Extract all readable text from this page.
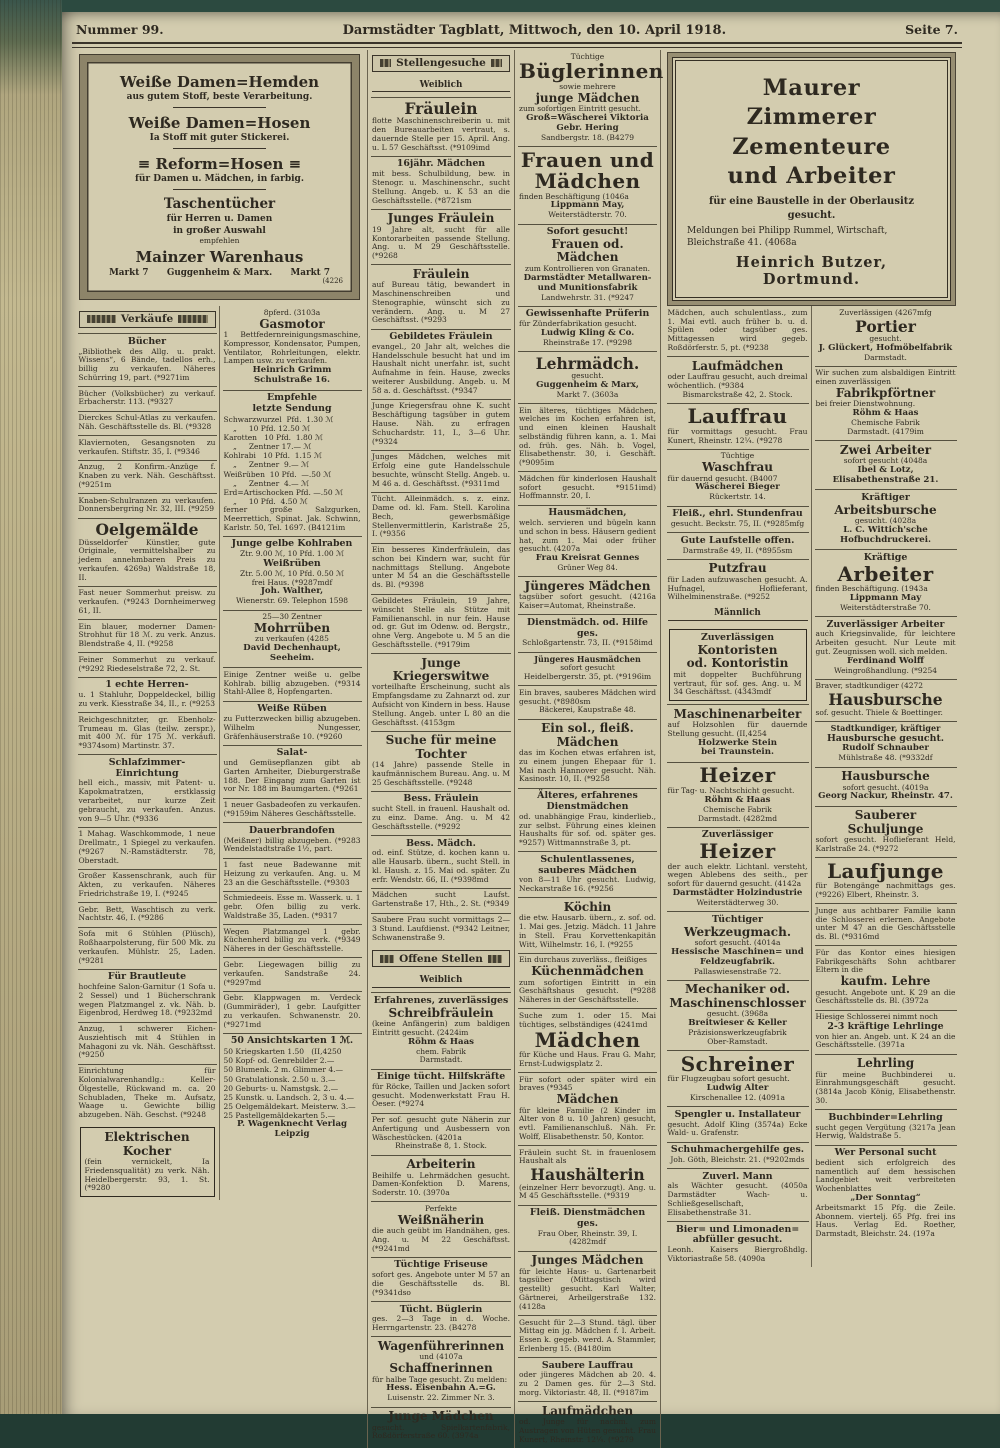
Nummer 99.	Darmstädter Tagblatt, Mittwoch, den 10. April 1918.	Seite 7.
Weiße Damen=Hemden
aus gutem Stoff, beste Verarbeitung.
Weiße Damen=Hosen
Ia Stoff mit guter Stickerei.
≡ Reform=Hosen ≡
für Damen u. Mädchen, in farbig.
Taschentücher
für Herren u. Damen
in großer Auswahl
empfehlen
Mainzer Warenhaus
Markt 7      Guggenheim & Marx.      Markt 7
(4226
Verkäufe
Bücher
„Bibliothek des Allg. u. prakt. Wissens“, 6 Bände, tadellos erh., billig zu verkaufen. Näheres Schürring 19, part. (*9271im
Bücher (Volksbücher) zu verkauf. Erbacherstr. 113. (*9327
Dierckes Schul-Atlas zu verkaufen. Näh. Geschäftsstelle ds. Bl. (*9328
Klaviernoten, Gesangsnoten zu verkaufen. Stiftstr. 35, I. (*9346
Anzug, 2 Konfirm.-Anzüge f. Knaben zu verk. Näh. Geschäftsst. (*9251m
Knaben-Schulranzen zu verkaufen. Donnersbergring Nr. 32, III. (*9259
Oelgemälde
Düsseldorfer Künstler, gute Originale, vermittelshalber zu jedem annehmbaren Preis zu verkaufen. 4269a) Waldstraße 18, II.
Fast neuer Sommerhut preisw. zu verkaufen. (*9243 Dornheimerweg 61, II.
Ein blauer, moderner Damen-Strohhut für 18 ℳ. zu verk. Anzus. Blendstraße 4, II. (*9258
Feiner Sommerhut zu verkauf. (*9292 Riedeselstraße 72, 2. St.
1 echte Herren-
u. 1 Stahluhr, Doppeldeckel, billig zu verk. Kiesstraße 34, II., r. (*9253
Reichgeschnitzter, gr. Ebenholz-Trumeau m. Glas (teilw. zerspr.), mit 400 ℳ. für 175 ℳ. verkäufl. *9374som) Martinstr. 37.
Schlafzimmer-
Einrichtung
hell eich., massiv, mit Patent- u. Kapokmatratzen, erstklassig verarbeitet, nur kurze Zeit gebraucht, zu verkaufen. Anzus. von 9—5 Uhr. (*9336
1 Mahag. Waschkommode, 1 neue Drellmatr., 1 Spiegel zu verkaufen. (*9267 N.-Ramstädterstr. 78, Oberstadt.
Großer Kassenschrank, auch für Akten, zu verkaufen. Näheres Friedrichstraße 19, I. (*9245
Gebr. Bett, Waschtisch zu verk. Nachtstr. 46, I. (*9286
Sofa mit 6 Stühlen (Plüsch), Roßhaarpolsterung, für 500 Mk. zu verkaufen. Mühlstr. 25, Laden. (*9281
Für Brautleute
hochfeine Salon-Garnitur (1 Sofa u. 2 Sessel) und 1 Bücherschrank wegen Platzmangel z. vk. Näh. b. Eigenbrod, Herdweg 18. (*9232md
Anzug, 1 schwerer Eichen-Ausziehtisch mit 4 Stühlen in Mahagoni zu vk. Näh. Geschäftsst. (*9250
Einrichtung für Kolonialwarenhandlg.: Keller-Ölgestelle, Rückwand m. ca. 20 Schubladen, Theke m. Aufsatz, Waage u. Gewichte billig abzugeben. Näh. Geschst. (*9248
Elektrischen
Kocher
(fein vernickelt, Ia Friedensqualität) zu verk. Näh. Heidelbergerstr. 93, 1. St. (*9280
8pferd. (3103a
Gasmotor
1 Bettfedernreinigungsmaschine, Kompressor, Kondensator, Pumpen, Ventilator, Rohrleitungen, elektr. Lampen usw. zu verkaufen.
Heinrich Grimm
Schulstraße 16.
Empfehle
letzte Sendung
Schwarzwurzel  Pfd.  1.30 ℳ
„     10 Pfd. 12.50 ℳ
Karotten   10 Pfd.  1.80 ℳ
„     Zentner 17.— ℳ
Kohlrabi   10 Pfd.  1.15 ℳ
„     Zentner  9.— ℳ
Weißrüben  10 Pfd.  —.50 ℳ
„     Zentner  4.— ℳ
Erd=Artischocken Pfd. —.50 ℳ
„     10 Pfd.  4.50 ℳ
ferner große Salzgurken, Meerrettich, Spinat. Jak. Schwinn, Karlstr. 50, Tel. 1697. (B4121im
Junge gelbe Kohlraben
Ztr. 9.00 ℳ, 10 Pfd. 1.00 ℳ
Weißrüben
Ztr. 5.00 ℳ, 10 Pfd. 0.50 ℳ
frei Haus. (*9287mdf
Joh. Walther,
Wienerstr. 69. Telephon 1598
25—30 Zentner
Mohrrüben
zu verkaufen (4285
David Dechenhaupt, Seeheim.
Einige Zentner weiße u. gelbe Kohlrab. billig abzugeben. (*9314 Stahl-Allee 8, Hopfengarten.
Weiße Rüben
zu Futterzwecken billig abzugeben. Wilhelm Nungesser, Gräfenhäuserstraße 10. (*9260
Salat-
und Gemüsepflanzen gibt ab Garten Arnheiter, Dieburgerstraße 188. Der Eingang zum Garten ist vor Nr. 188 im Baumgarten. (*9261
1 neuer Gasbadeofen zu verkaufen. (*9159im Näheres Geschäftsstelle.
Dauerbrandofen
(Meißner) billig abzugeben. (*9283 Wendelstadtstraße 1½, part.
1 fast neue Badewanne mit Heizung zu verkaufen. Ang. u. M 23 an die Geschäftsstelle. (*9303
Schmiedeeis. Esse m. Wasserk. u. 1 gebr. Ofen billig zu verk. Waldstraße 35, Laden. (*9317
Wegen Platzmangel 1 gebr. Küchenherd billig zu verk. (*9349 Näheres in der Geschäftsstelle.
Gebr. Liegewagen billig zu verkaufen. Sandstraße 24. (*9297md
Gebr. Klappwagen m. Verdeck (Gummiräder), 1 gebr. Laufgitter zu verkaufen. Schwanenstr. 20. (*9271md
50 Ansichtskarten 1 ℳ.
50 Kriegskarten 1.50   (II,4250
50 Kopf- od. Genrebilder 2.—
50 Blumenk. 2 m. Glimmer 4.—
50 Gratulationsk. 2.50 u. 3.—
20 Geburts- u. Namstgsk. 2.—
25 Kunstk. u. Landsch. 2, 3 u. 4.—
25 Oelgemäldekart. Meisterw. 3.—
25 Pastellgemäldekarten 5.—
P. Wagenknecht Verlag Leipzig
Stellengesuche
Weiblich
Fräulein
flotte Maschinenschreiberin u. mit den Bureauarbeiten vertraut, s. dauernde Stelle per 15. April. Ang. u. L 57 Geschäftsst. (*9109imd
16jähr. Mädchen
mit bess. Schulbildung, bew. in Stenogr. u. Maschinenschr., sucht Stellung. Angeb. u. K 53 an die Geschäftsstelle. (*8721sm
Junges Fräulein
19 Jahre alt, sucht für alle Kontorarbeiten passende Stellung. Ang. u. M 29 Geschäftsstelle. (*9268
Fräulein
auf Bureau tätig, bewandert in Maschinenschreiben und Stenographie, wünscht sich zu verändern. Ang. u. M 27 Geschäftsst. (*9293
Gebildetes Fräulein
evangel., 20 Jahr alt, welches die Handelsschule besucht hat und im Haushalt nicht unerfahr. ist, sucht Aufnahme in fein. Hause, zwecks weiterer Ausbildung. Angeb. u. M 58 a. d. Geschäftsst. (*9347
Junge Kriegersfrau ohne K. sucht Beschäftigung tagsüber in gutem Hause. Näh. zu erfragen Schuchardstr. 11, I., 3—6 Uhr. (*9324
Junges Mädchen, welches mit Erfolg eine gute Handelsschule besuchte, wünscht Stellg. Angeb. u. M 46 a. d. Geschäftsst. (*9311md
Tücht. Alleinmädch. s. z. einz. Dame od. kl. Fam. Stell. Karolina Bech, gewerbsmäßige Stellenvermittlerin, Karlstraße 25, I. (*9356
Ein besseres Kinderfräulein, das schon bei Kindern war, sucht für nachmittags Stellung. Angebote unter M 54 an die Geschäftsstelle ds. Bl. (*9398
Gebildetes Fräulein, 19 Jahre, wünscht Stelle als Stütze mit Familienanschl. in nur fein. Hause od. gr. Gut im Odenw. od. Bergstr., ohne Verg. Angebote u. M 5 an die Geschäftsstelle. (*9179im
Junge Kriegerswitwe
vorteilhafte Erscheinung, sucht als Empfangsdame zu Zahnarzt od. zur Aufsicht von Kindern in bess. Hause Stellung. Angeb. unter L 80 an die Geschäftsst. (4153gm
Suche für meine Tochter
(14 Jahre) passende Stelle in kaufmännischem Bureau. Ang. u. M 25 Geschäftsstelle. (*9248
Bess. Fräulein
sucht Stell. in frauenl. Haushalt od. zu einz. Dame. Ang. u. M 42 Geschäftsstelle. (*9292
Bess. Mädch.
od. einf. Stütze, d. kochen kann u. alle Hausarb. übern., sucht Stell. in kl. Haush. z. 15. Mai od. später. Zu erfr. Wendstr. 66, II. (*9398md
Mädchen sucht Laufst. Gartenstraße 17, Hth., 2. St. (*9349
Saubere Frau sucht vormittags 2—3 Stund. Laufdienst. (*9342 Leitner, Schwanenstraße 9.
Offene Stellen
Weiblich
Erfahrenes, zuverlässiges
Schreibfräulein
(keine Anfängerin) zum baldigen Eintritt gesucht. (2424im
Röhm & Haas
chem. Fabrik
Darmstadt.
Einige tücht. Hilfskräfte
für Röcke, Taillen und Jacken sofort gesucht. Modenwerkstatt Frau H. Oeser. (*9274
Per sof. gesucht gute Näherin zur Anfertigung und Ausbessern von Wäschestücken. (4201a
Rheinstraße 8, 1. Stock.
Arbeiterin
Beihilfe u. Lehrmädchen gesucht. Damen-Konfektion D. Marens, Soderstr. 10. (3970a
Perfekte
Weißnäherin
die auch geübt im Handnähen, ges. Ang. u. M 22 Geschäftsst. (*9241md
Tüchtige Friseuse
sofort ges. Angebote unter M 57 an die Geschäftsstelle ds. Bl. (*9341dso
Tücht. Büglerin
ges. 2—3 Tage in d. Woche. Herrngartenstr. 23. (B4278
Wagenführerinnen
und (4107a
Schaffnerinnen
für halbe Tage gesucht. Zu melden:
Hess. Eisenbahn A.=G.
Luisenstr. 22. Zimmer Nr. 3.
Junge Mädchen
gesucht. Spielkartenfabrik, Roßdörferstraße 60. (3974a
Tüchtige
Büglerinnen
sowie mehrere
junge Mädchen
zum sofortigen Eintritt gesucht.
Groß=Wäscherei Viktoria
Gebr. Hering
Sandbergstr. 18. (B4279
Frauen und
Mädchen
finden Beschäftigung (1046a
Lippmann May,
Weiterstädterstr. 70.
Sofort gesucht!
Frauen od. Mädchen
zum Kontrollieren von Granaten.
Darmstädter Metallwaren- und Munitionsfabrik
Landwehrstr. 31. (*9247
Gewissenhafte Prüferin
für Zünderfabrikation gesucht.
Ludwig Kling & Co.
Rheinstraße 17. (*9298
Lehrmädch.
gesucht.
Guggenheim & Marx,
Markt 7. (3603a
Ein älteres, tüchtiges Mädchen, welches im Kochen erfahren ist, und einen kleinen Haushalt selbständig führen kann, a. 1. Mai od. früh. ges. Näh. b. Vogel, Elisabethenstr. 30, i. Geschäft. (*9095im
Mädchen für kinderlosen Haushalt sofort gesucht. *9151imd) Hoffmannstr. 20, I.
Hausmädchen,
welch. servieren und bügeln kann und schon in bess. Häusern gedient hat, zum 1. Mai oder früher gesucht. (4207a
Frau Kreisrat Gennes
Grüner Weg 84.
Jüngeres Mädchen
tagsüber sofort gesucht. (4216a Kaiser=Automat, Rheinstraße.
Dienstmädch. od. Hilfe ges.
Schloßgartenstr. 73, II. (*9158imd
Jüngeres Hausmädchen
sofort gesucht
Heidelbergerstr. 35, pt. (*9196im
Ein braves, sauberes Mädchen wird gesucht. (*8980sm
Bäckerei, Kaupstraße 48.
Ein sol., fleiß. Mädchen
das im Kochen etwas erfahren ist, zu einem jungen Ehepaar für 1. Mai nach Hannover gesucht. Näh. Kasinostr. 10, II. (*9258
Älteres, erfahrenes Dienstmädchen
od. unabhängige Frau, kinderlieb., zur selbst. Führung eines kleinen Haushalts für sof. od. später ges. *9257) Wittmannstraße 3, pt.
Schulentlassenes, sauberes Mädchen
von 8—11 Uhr gesucht. Ludwig, Neckarstraße 16. (*9256
Köchin
die etw. Hausarb. übern., z. sof. od. 1. Mai ges. Jetzig. Mädch. 11 Jahre in Stell. Frau Korvettenkapitän Witt, Wilhelmstr. 16, I. (*9255
Ein durchaus zuverläss., fleißiges
Küchenmädchen
zum sofortigen Eintritt in ein Geschäftshaus gesucht. (*9288 Näheres in der Geschäftsstelle.
Suche zum 1. oder 15. Mai tüchtiges, selbständiges (4241md
Mädchen
für Küche und Haus. Frau G. Mahr, Ernst-Ludwigsplatz 2.
Für sofort oder später wird ein braves (*9345
Mädchen
für kleine Familie (2 Kinder im Alter von 8 u. 10 Jahren) gesucht, evtl. Familienanschluß. Näh. Fr. Wolff, Elisabethenstr. 50, Kontor.
Fräulein sucht St. in frauenlosem Haushalt als
Haushälterin
(einzelner Herr bevorzugt). Ang. u. M 45 Geschäftsstelle. (*9319
Fleiß. Dienstmädchen ges.
Frau Ober, Rheinstr. 39, I. (4282mdf
Junges Mädchen
für leichte Haus- u. Gartenarbeit tagsüber (Mittagstisch wird gestellt) gesucht. Karl Walter, Gärtnerei, Arheilgerstraße 132. (4128a
Gesucht für 2—3 Stund. tägl. über Mittag ein jg. Mädchen f. l. Arbeit. Essen k. gegeb. werd. A. Stammler, Erlenberg 15. (B4180im
Saubere Lauffrau
oder jüngeres Mädchen ab 20. 4. zu 2 Damen ges. für 2—3 Std. morg. Viktoriastr. 48, II. (*9187im
Laufmädchen
od. Junge für nachm. zum Austragen von Hüten gesucht. Frau Kunert, Rheinstr. 12¼. (*9279
Maurer
Zimmerer
Zementeure
und Arbeiter
für eine Baustelle in der Oberlausitz gesucht.
Meldungen bei Philipp Rummel, Wirtschaft, Bleichstraße 41. (4068a
Heinrich Butzer, Dortmund.
Mädchen, auch schulentlass., zum 1. Mai evtl. auch früher b. u. d. Spülen oder tagsüber ges. Mittagessen wird gegeb. Roßdörferstr. 5, pt. (*9238
Laufmädchen
oder Lauffrau gesucht, auch dreimal wöchentlich. (*9384
Bismarckstraße 42, 2. Stock.
Lauffrau
für vormittags gesucht. Frau Kunert, Rheinstr. 12¼. (*9278
Tüchtige
Waschfrau
für dauernd gesucht. (B4007
Wäscherei Bieger
Rückertstr. 14.
Fleiß., ehrl. Stundenfrau
gesucht. Beckstr. 75, II. (*9285mfg
Gute Laufstelle offen.
Darmstraße 49, II. (*8955sm
Putzfrau
für Laden aufzuwaschen gesucht. A. Hufnagel, Hoflieferant, Wilhelminenstraße. (*9252
Männlich
Zuverlässigen
Kontoristen
od. Kontoristin
mit doppelter Buchführung vertraut, für sof. ges. Ang. u. M 34 Geschäftsst. (4343mdf
Maschinenarbeiter
auf Holzsohlen für dauernde Stellung gesucht. (II,4254
Holzwerke Stein
bei Traunstein.
Heizer
für Tag- u. Nachtschicht gesucht.
Röhm & Haas
Chemische Fabrik
Darmstadt. (4282md
Zuverlässiger
Heizer
der auch elektr. Lichtanl. versteht, wegen Ablebens des seith., per sofort für dauernd gesucht. (4142a
Darmstädter Holzindustrie
Weiterstädterweg 30.
Tüchtiger
Werkzeugmach.
sofort gesucht. (4014a
Hessische Maschinen= und Feldzeugfabrik.
Pallaswiesenstraße 72.
Mechaniker od.
Maschinenschlosser
gesucht. (3968a
Breitwieser & Keller
Präzisionswerkzeugfabrik
Ober-Ramstadt.
Schreiner
für Flugzeugbau sofort gesucht.
Ludwig Alter
Kirschenallee 12. (4091a
Spengler u. Installateur
gesucht. Adolf Kling (3574a) Ecke Wald- u. Grafenstr.
Schuhmachergehilfe ges.
Joh. Göth, Bleichstr. 21. (*9202mds
Zuverl. Mann
als Wächter gesucht. (4050a Darmstädter Wach- u. Schließgesellschaft, Elisabethenstraße 31.
Bier= und Limonaden=
abfüller gesucht.
Leonh. Kaisers Biergroßhdlg. Viktoriastraße 58. (4090a
Zuverlässigen (4267mfg
Portier
gesucht.
J. Glückert, Hofmöbelfabrik
Darmstadt.
Wir suchen zum alsbaldigen Eintritt einen zuverlässigen
Fabrikpförtner
bei freier Dienstwohnung.
Röhm & Haas
Chemische Fabrik
Darmstadt. (4179im
Zwei Arbeiter
sofort gesucht (4048a
Ibel & Lotz, Elisabethenstraße 21.
Kräftiger
Arbeitsbursche
gesucht. (4028a
L. C. Wittich'sche
Hofbuchdruckerei.
Kräftige
Arbeiter
finden Beschäftigung. (1943a
Lippmann May
Weiterstädterstraße 70.
Zuverlässiger Arbeiter
auch Kriegsinvalide, für leichtere Arbeiten gesucht. Nur Leute mit gut. Zeugnissen woll. sich melden.
Ferdinand Wolff
Weingroßhandlung. (*9254
Braver, stadtkundiger (4272
Hausbursche
sof. gesucht. Thiele & Boettinger.
Stadtkundiger, kräftiger
Hausbursche gesucht.
Rudolf Schnauber
Mühlstraße 48. (*9332df
Hausbursche
sofort gesucht. (4019a
Georg Nackur, Rheinstr. 47.
Sauberer Schuljunge
sofort gesucht. Hoflieferant Held, Karlstraße 24. (*9272
Laufjunge
für Botengänge nachmittags ges. (*9226) Elbert, Rheinstr. 3.
Junge aus achtbarer Familie kann die Schlosserei erlernen. Angebote unter M 47 an die Geschäftsstelle ds. Bl. (*9316md
Für das Kontor eines hiesigen Fabrikgeschäfts Sohn achtbarer Eltern in die
kaufm. Lehre
gesucht. Angebote unt. K 29 an die Geschäftsstelle ds. Bl. (3972a
Hiesige Schlosserei nimmt noch
2-3 kräftige Lehrlinge
von hier an. Angeb. unt. K 24 an die Geschäftsstelle. (3971a
Lehrling
für meine Buchbinderei u. Einrahmungsgeschäft gesucht. (3814a Jacob König, Elisabethenstr. 30.
Buchbinder=Lehrling
sucht gegen Vergütung (3217a Jean Herwig, Waldstraße 5.
Wer Personal sucht
bedient sich erfolgreich des namentlich auf dem hessischen Landgebiet weit verbreiteten Wochenblattes
„Der Sonntag“
Arbeitsmarkt 15 Pfg. die Zeile. Abonnem. viertelj. 65 Pfg. frei ins Haus. Verlag Ed. Roether, Darmstadt, Bleichstr. 24. (197a
